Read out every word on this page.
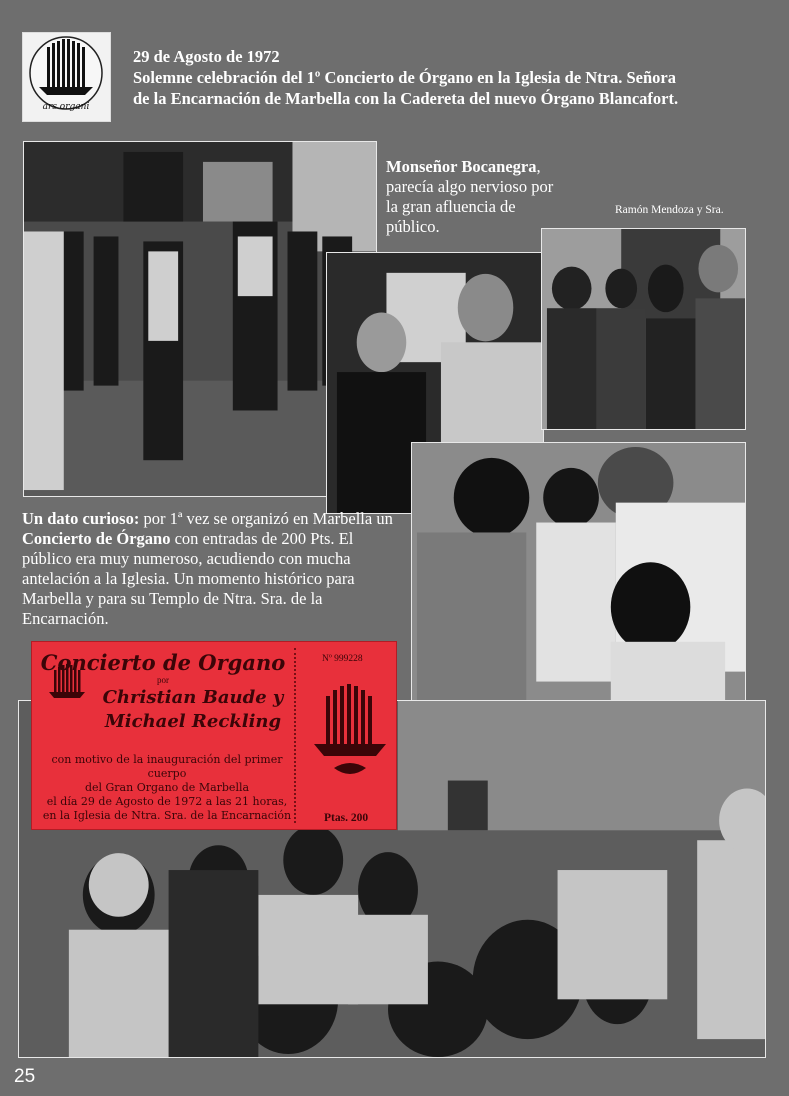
ars organi
29 de Agosto de 1972
Solemne celebración del 1º Concierto de Órgano en la Iglesia de Ntra. Señora
de la Encarnación de Marbella con la Cadereta del nuevo Órgano Blancafort.
Monseñor Bocanegra, parecía algo nervioso por la gran afluencia de público.
Ramón Mendoza y Sra.
Un dato curioso: por 1ª vez se organizó en Marbella un Concierto de Órgano con entradas de 200 Pts. El público era muy numeroso, acudiendo con mucha antelación a la Iglesia. Un momento histórico para Marbella y para su Templo de Ntra. Sra. de la Encarnación.
Concierto de Organo
por
Christian Baude y
Michael Reckling
con motivo de la inauguración del primer cuerpo
del Gran Organo de Marbella
el día 29 de Agosto de 1972 a las 21 horas,
en la Iglesia de Ntra. Sra. de la Encarnación
Nº 999228
Ptas. 200
25
